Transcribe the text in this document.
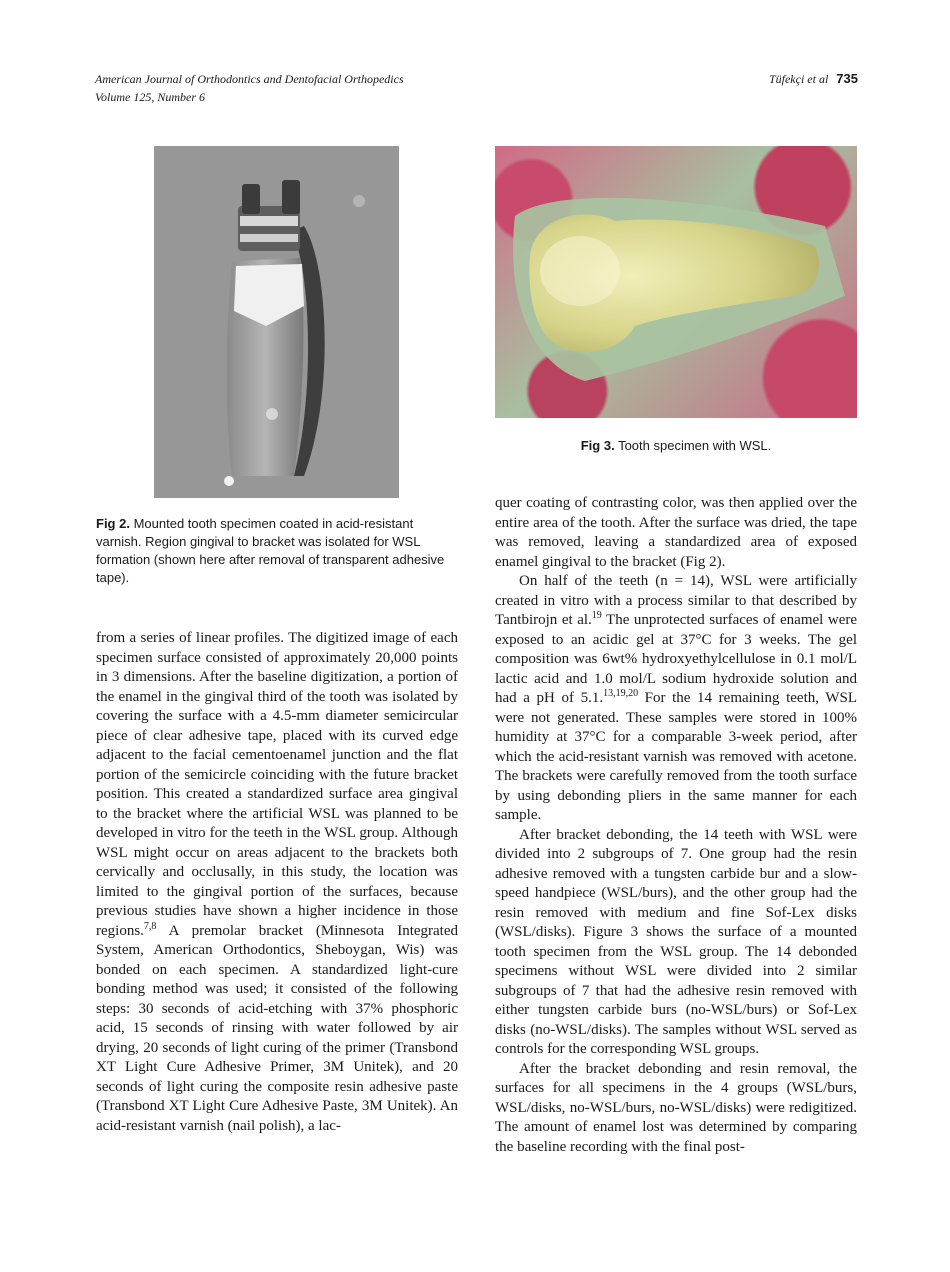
American Journal of Orthodontics and Dentofacial Orthopedics
Volume 125, Number 6
Tüfekçi et al 735
Fig 2. Mounted tooth specimen coated in acid-resistant varnish. Region gingival to bracket was isolated for WSL formation (shown here after removal of transparent adhesive tape).
Fig 3. Tooth specimen with WSL.

from a series of linear profiles. The digitized image of each specimen surface consisted of approximately 20,000 points in 3 dimensions. After the baseline digitization, a portion of the enamel in the gingival third of the tooth was isolated by covering the surface with a 4.5-mm diameter semicircular piece of clear adhesive tape, placed with its curved edge adjacent to the facial cementoenamel junction and the flat portion of the semicircle coinciding with the future bracket position. This created a standardized surface area gingival to the bracket where the artificial WSL was planned to be developed in vitro for the teeth in the WSL group. Although WSL might occur on areas adjacent to the brackets both cervically and occlusally, in this study, the location was limited to the gingival portion of the surfaces, because previous studies have shown a higher incidence in those regions.$^{7,8}$ A premolar bracket (Minnesota Integrated System, American Orthodontics, Sheboygan, Wis) was bonded on each specimen. A standardized light-cure bonding method was used; it consisted of the following steps: 30 seconds of acid-etching with 37% phosphoric acid, 15 seconds of rinsing with water followed by air drying, 20 seconds of light curing of the primer (Transbond XT Light Cure Adhesive Primer, 3M Unitek), and 20 seconds of light curing the composite resin adhesive paste (Transbond XT Light Cure Adhesive Paste, 3M Unitek). An acid-resistant varnish (nail polish), a lac-

quer coating of contrasting color, was then applied over the entire area of the tooth. After the surface was dried, the tape was removed, leaving a standardized area of exposed enamel gingival to the bracket (Fig 2).

On half of the teeth (n = 14), WSL were artificially created in vitro with a process similar to that described by Tantbirojn et al.$^{19}$ The unprotected surfaces of enamel were exposed to an acidic gel at 37°C for 3 weeks. The gel composition was 6wt% hydroxyethylcellulose in 0.1 mol/L lactic acid and 1.0 mol/L sodium hydroxide solution and had a pH of 5.1.$^{13,19,20}$ For the 14 remaining teeth, WSL were not generated. These samples were stored in 100% humidity at 37°C for a comparable 3-week period, after which the acid-resistant varnish was removed with acetone. The brackets were carefully removed from the tooth surface by using debonding pliers in the same manner for each sample.

After bracket debonding, the 14 teeth with WSL were divided into 2 subgroups of 7. One group had the resin adhesive removed with a tungsten carbide bur and a slow-speed handpiece (WSL/burs), and the other group had the resin removed with medium and fine Sof-Lex disks (WSL/disks). Figure 3 shows the surface of a mounted tooth specimen from the WSL group. The 14 debonded specimens without WSL were divided into 2 similar subgroups of 7 that had the adhesive resin removed with either tungsten carbide burs (no-WSL/burs) or Sof-Lex disks (no-WSL/disks). The samples without WSL served as controls for the corresponding WSL groups.

After the bracket debonding and resin removal, the surfaces for all specimens in the 4 groups (WSL/burs, WSL/disks, no-WSL/burs, no-WSL/disks) were redigitized. The amount of enamel lost was determined by comparing the baseline recording with the final post-
